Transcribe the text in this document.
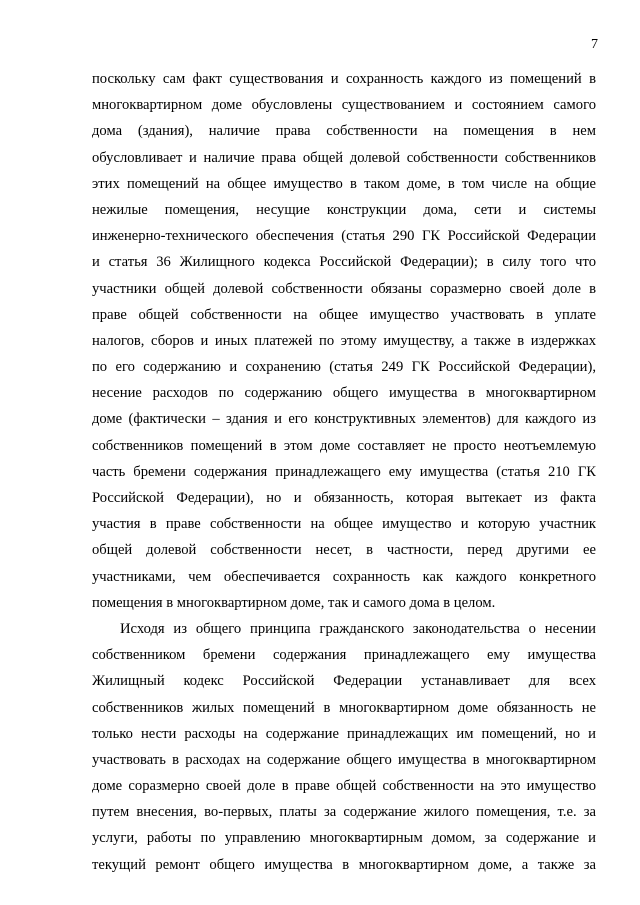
7
поскольку сам факт существования и сохранность каждого из помещений в
многоквартирном доме обусловлены существованием и состоянием самого
дома (здания), наличие права собственности на помещения в нем
обусловливает и наличие права общей долевой собственности собственников
этих помещений на общее имущество в таком доме, в том числе на общие
нежилые помещения, несущие конструкции дома, сети и системы
инженерно-технического обеспечения (статья 290 ГК Российской Федерации
и статья 36 Жилищного кодекса Российской Федерации); в силу того что
участники общей долевой собственности обязаны соразмерно своей доле в
праве общей собственности на общее имущество участвовать в уплате
налогов, сборов и иных платежей по этому имуществу, а также в издержках
по его содержанию и сохранению (статья 249 ГК Российской Федерации),
несение расходов по содержанию общего имущества в многоквартирном
доме (фактически – здания и его конструктивных элементов) для каждого из
собственников помещений в этом доме составляет не просто неотъемлемую
часть бремени содержания принадлежащего ему имущества (статья 210 ГК
Российской Федерации), но и обязанность, которая вытекает из факта
участия в праве собственности на общее имущество и которую участник
общей долевой собственности несет, в частности, перед другими ее
участниками, чем обеспечивается сохранность как каждого конкретного
помещения в многоквартирном доме, так и самого дома в целом.
Исходя из общего принципа гражданского законодательства о несении
собственником бремени содержания принадлежащего ему имущества
Жилищный кодекс Российской Федерации устанавливает для всех
собственников жилых помещений в многоквартирном доме обязанность не
только нести расходы на содержание принадлежащих им помещений, но и
участвовать в расходах на содержание общего имущества в многоквартирном
доме соразмерно своей доле в праве общей собственности на это имущество
путем внесения, во-первых, платы за содержание жилого помещения, т.е. за
услуги, работы по управлению многоквартирным домом, за содержание и
текущий ремонт общего имущества в многоквартирном доме, а также за
